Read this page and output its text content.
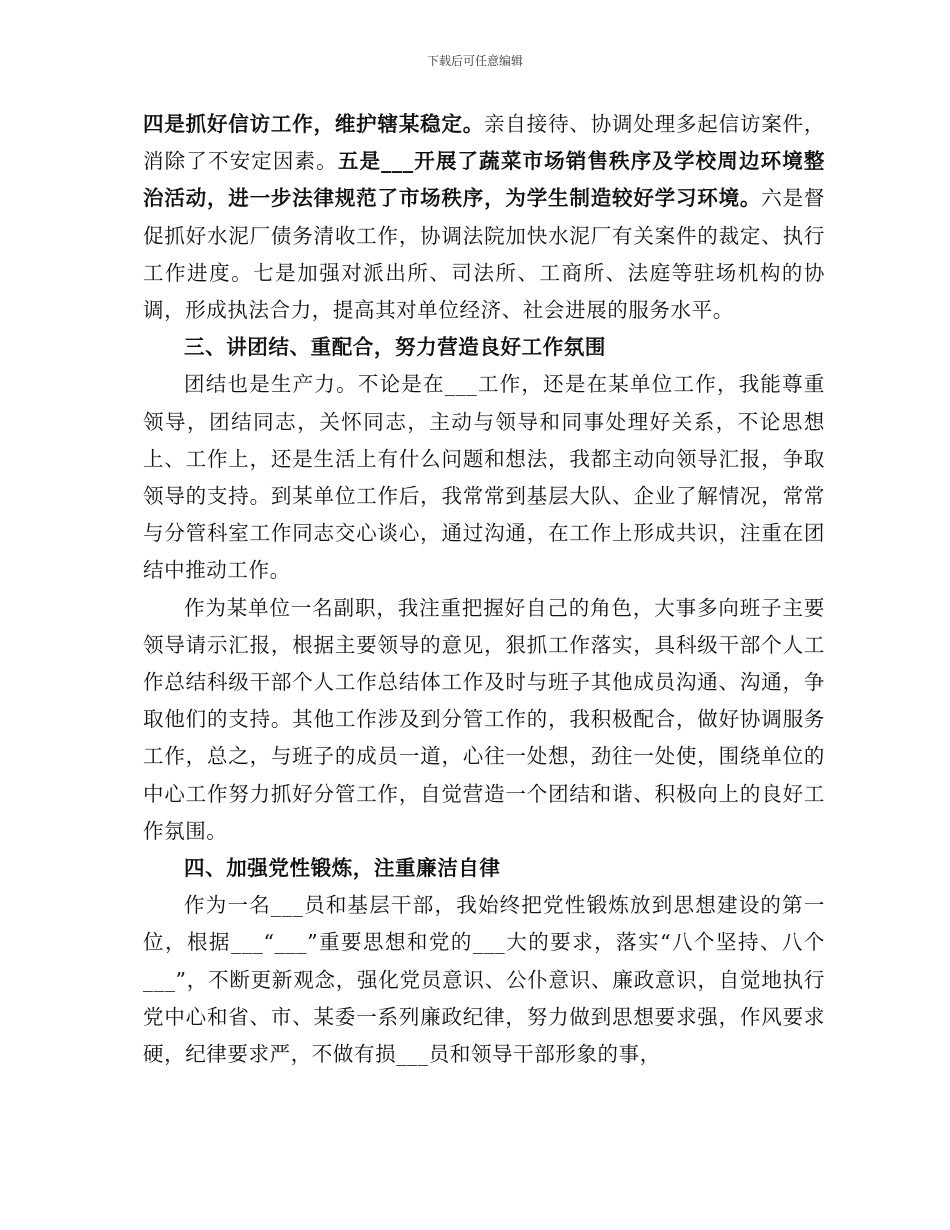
下载后可任意编辑

四是抓好信访工作，维护辖某稳定。亲自接待、协调处理多起信访案件，消除了不安定因素。五是___开展了蔬菜市场销售秩序及学校周边环境整治活动，进一步法律规范了市场秩序，为学生制造较好学习环境。六是督促抓好水泥厂债务清收工作，协调法院加快水泥厂有关案件的裁定、执行工作进度。七是加强对派出所、司法所、工商所、法庭等驻场机构的协调，形成执法合力，提高其对单位经济、社会进展的服务水平。

三、讲团结、重配合，努力营造良好工作氛围

团结也是生产力。不论是在___工作，还是在某单位工作，我能尊重领导，团结同志，关怀同志，主动与领导和同事处理好关系，不论思想上、工作上，还是生活上有什么问题和想法，我都主动向领导汇报，争取领导的支持。到某单位工作后，我常常到基层大队、企业了解情况，常常与分管科室工作同志交心谈心，通过沟通，在工作上形成共识，注重在团结中推动工作。

作为某单位一名副职，我注重把握好自己的角色，大事多向班子主要领导请示汇报，根据主要领导的意见，狠抓工作落实，具科级干部个人工作总结科级干部个人工作总结体工作及时与班子其他成员沟通、沟通，争取他们的支持。其他工作涉及到分管工作的，我积极配合，做好协调服务工作，总之，与班子的成员一道，心往一处想，劲往一处使，围绕单位的中心工作努力抓好分管工作，自觉营造一个团结和谐、积极向上的良好工作氛围。

四、加强党性锻炼，注重廉洁自律

作为一名___员和基层干部，我始终把党性锻炼放到思想建设的第一位，根据___“___”重要思想和党的___大的要求，落实“八个坚持、八个___”，不断更新观念，强化党员意识、公仆意识、廉政意识，自觉地执行党中心和省、市、某委一系列廉政纪律，努力做到思想要求强，作风要求硬，纪律要求严，不做有损___员和领导干部形象的事，
